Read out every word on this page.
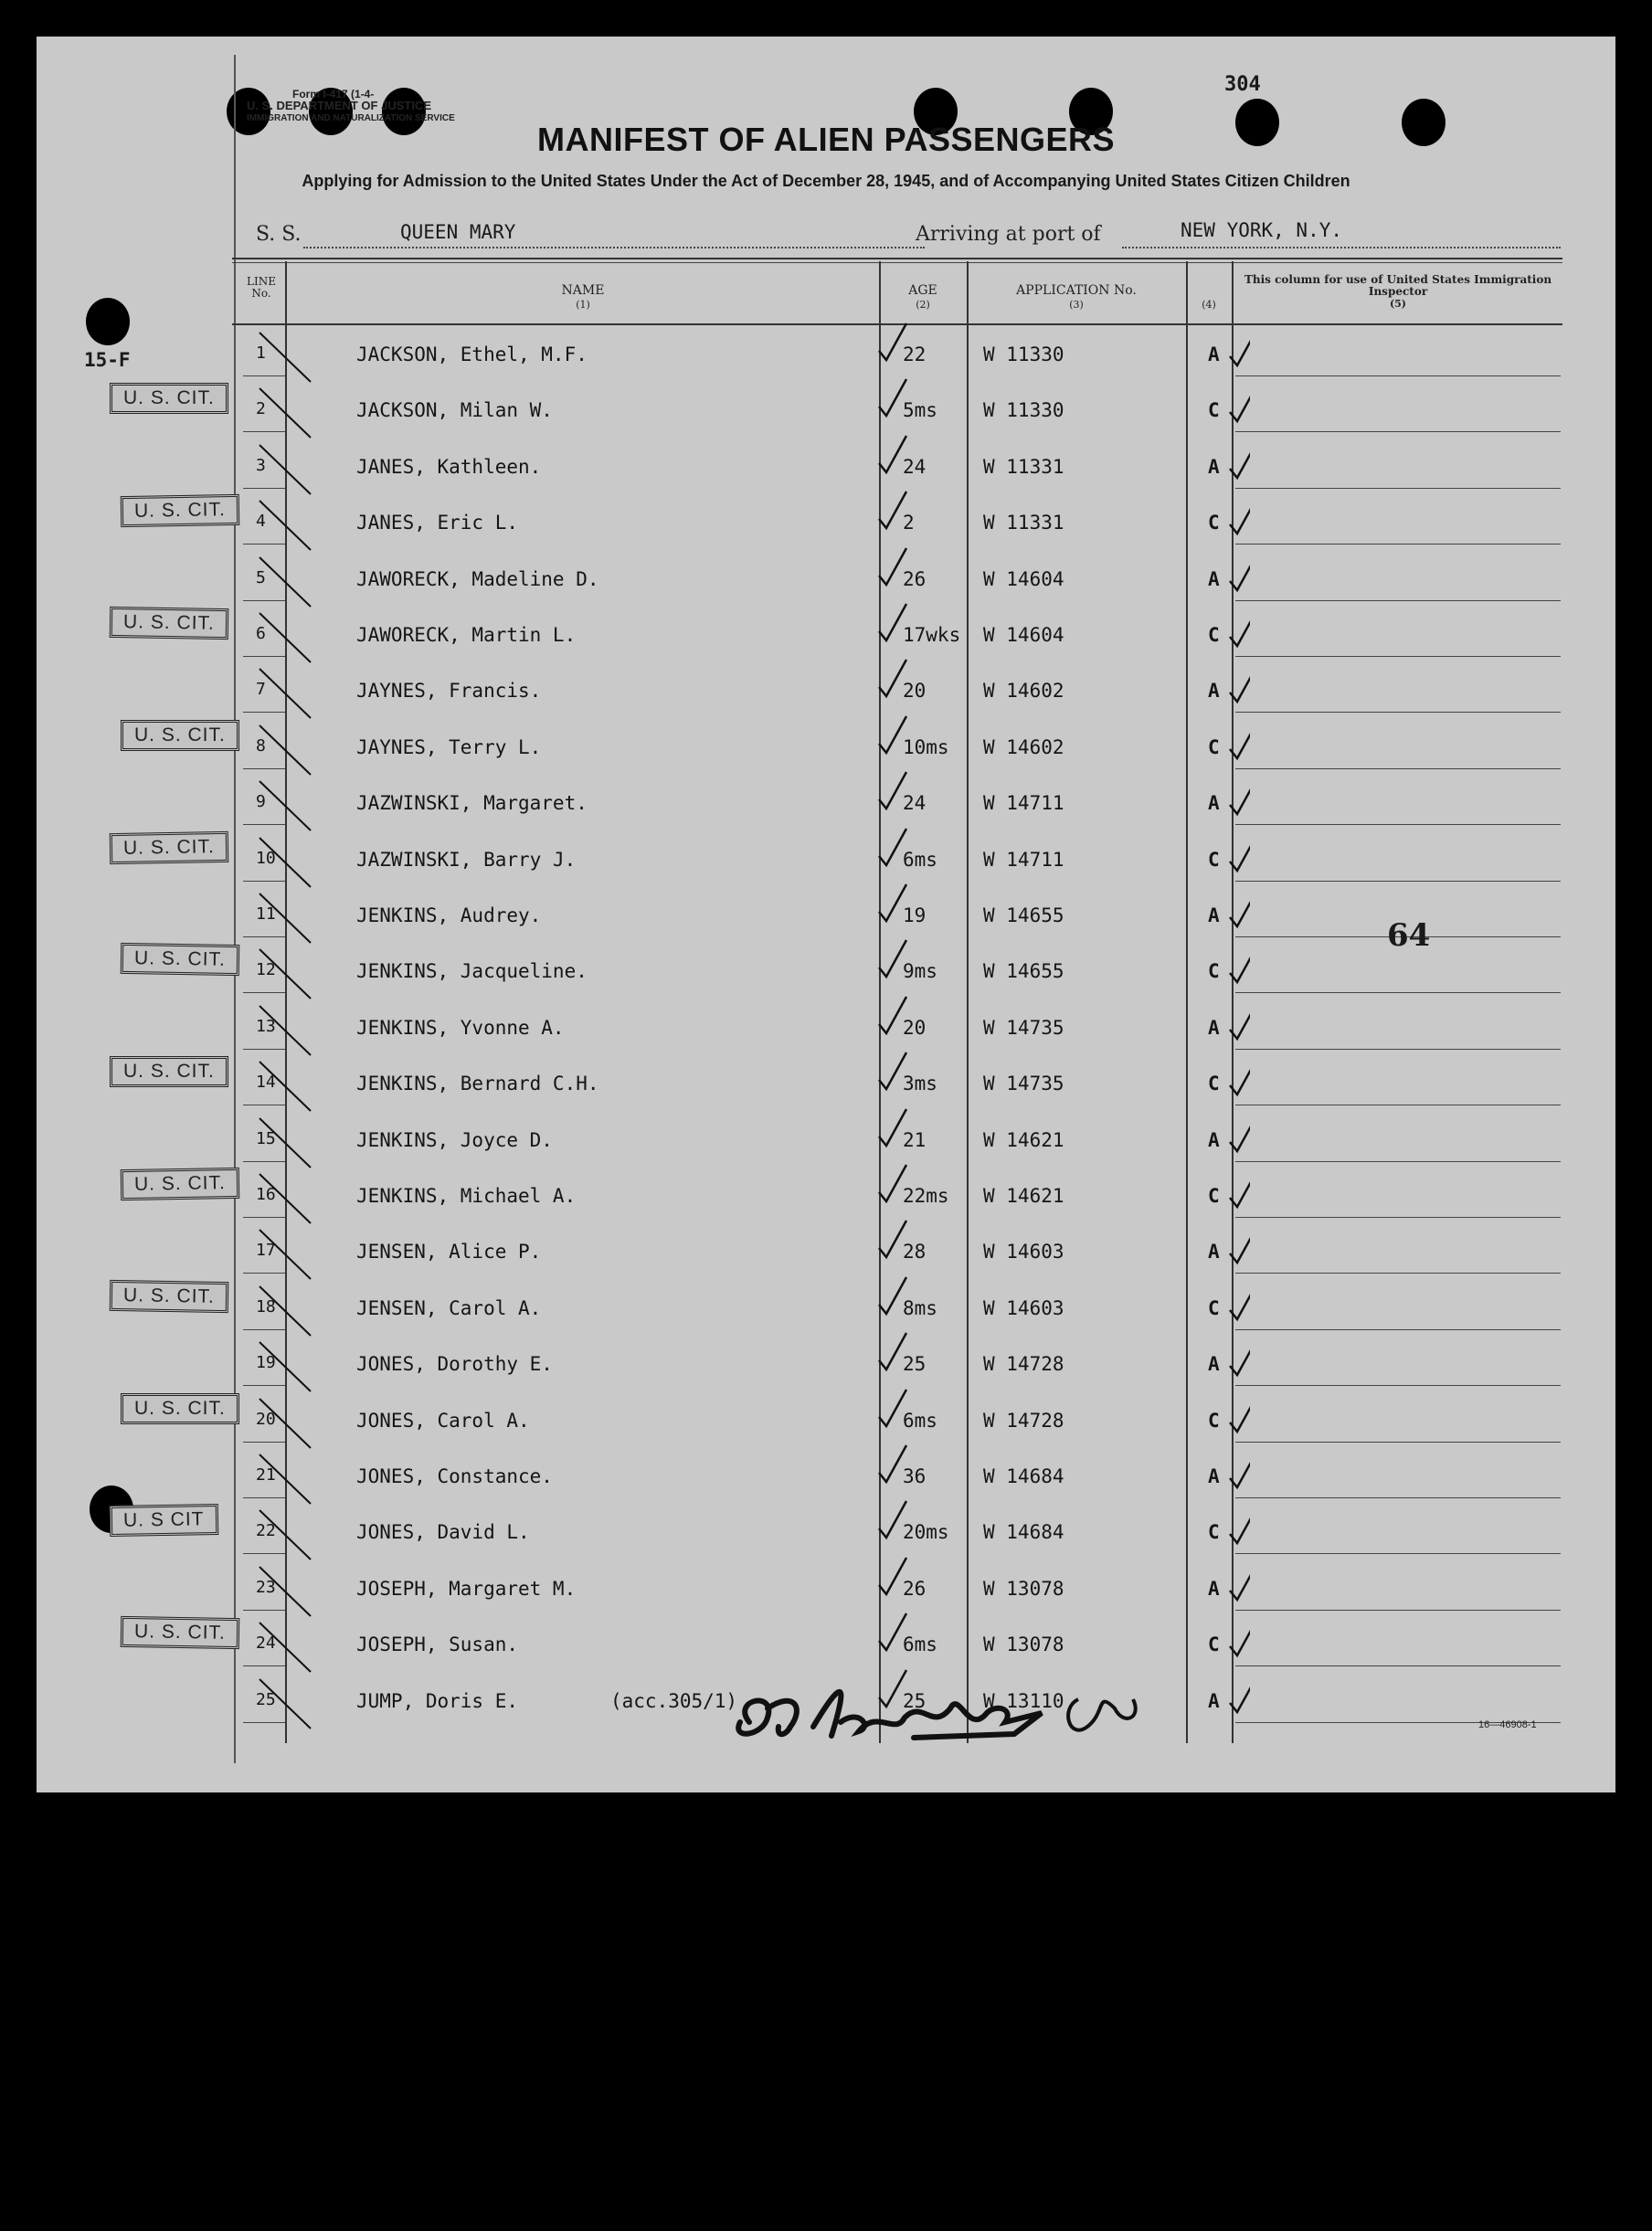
Form I-417 (1-4-
U. S. DEPARTMENT OF JUSTICE
IMMIGRATION AND NATURALIZATION SERVICE
304
MANIFEST OF ALIEN PASSENGERS
Applying for Admission to the United States Under the Act of December 28, 1945, and of Accompanying United States Citizen Children
S. S.	QUEEN MARY	Arriving at port of	NEW YORK, N.Y.
LINE No.	NAME
(1)
AGE
(2)
APPLICATION No.
(3)	(4)
This column for use of United States Immigration Inspector
(5)
15-F	1	JACKSON, Ethel, M.F.	22	W 11330	A
2	JACKSON, Milan W.	5ms W 11330	C
U. S. CIT.
3	JANES, Kathleen.	24	W 11331	A
4	JANES, Eric L.	2	W 11331	C
U. S. CIT.
5	JAWORECK, Madeline D.	26	W 14604	A
6	JAWORECK, Martin L.	17wks W 14604	C
U. S. CIT.
7	JAYNES, Francis.	20	W 14602	A
8	JAYNES, Terry L.	10ms W 14602	C
U. S. CIT.
9	JAZWINSKI, Margaret.	24	W 14711	A
10	JAZWINSKI, Barry J.	6ms W 14711	C
U. S. CIT.
11	JENKINS, Audrey.	19	W 14655	A
12	JENKINS, Jacqueline.	9ms W 14655	C
U. S. CIT.
13	JENKINS, Yvonne A.	20	W 14735	A
14	JENKINS, Bernard C.H.	3ms W 14735	C
U. S. CIT.
15	JENKINS, Joyce D.	21	W 14621	A
16	JENKINS, Michael A.	22ms W 14621	C
U. S. CIT.
17	JENSEN, Alice P.	28	W 14603	A
18	JENSEN, Carol A.	8ms W 14603	C
U. S. CIT.
19	JONES, Dorothy E.	25	W 14728	A
20	JONES, Carol A.	6ms W 14728	C
U. S. CIT.
21	JONES, Constance.	36	W 14684	A
22	JONES, David L.	20ms W 14684	C
U. S CIT
23	JOSEPH, Margaret M.	26	W 13078	A
24	JOSEPH, Susan.	6ms W 13078	C
U. S. CIT.
25	JUMP, Doris E.	(acc.305/1)	25	W 13110	A
64
16—46908-1
